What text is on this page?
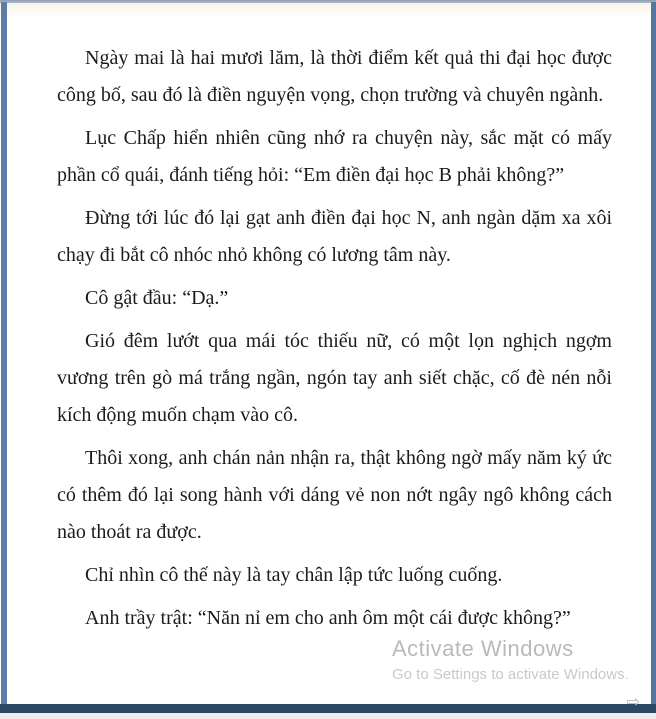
Ngày mai là hai mươi lăm, là thời điểm kết quả thi đại học được công bố, sau đó là điền nguyện vọng, chọn trường và chuyên ngành.

Lục Chấp hiển nhiên cũng nhớ ra chuyện này, sắc mặt có mấy phần cổ quái, đánh tiếng hỏi: “Em điền đại học B phải không?”

Đừng tới lúc đó lại gạt anh điền đại học N, anh ngàn dặm xa xôi chạy đi bắt cô nhóc nhỏ không có lương tâm này.

Cô gật đầu: “Dạ.”

Gió đêm lướt qua mái tóc thiếu nữ, có một lọn nghịch ngợm vương trên gò má trắng ngần, ngón tay anh siết chặc, cố đè nén nỗi kích động muốn chạm vào cô.

Thôi xong, anh chán nản nhận ra, thật không ngờ mấy năm ký ức có thêm đó lại song hành với dáng vẻ non nớt ngây ngô không cách nào thoát ra được.

Chỉ nhìn cô thế này là tay chân lập tức luống cuống.

Anh trầy trật: “Năn nỉ em cho anh ôm một cái được không?”

Activate Windows
Go to Settings to activate Windows.
⇨
